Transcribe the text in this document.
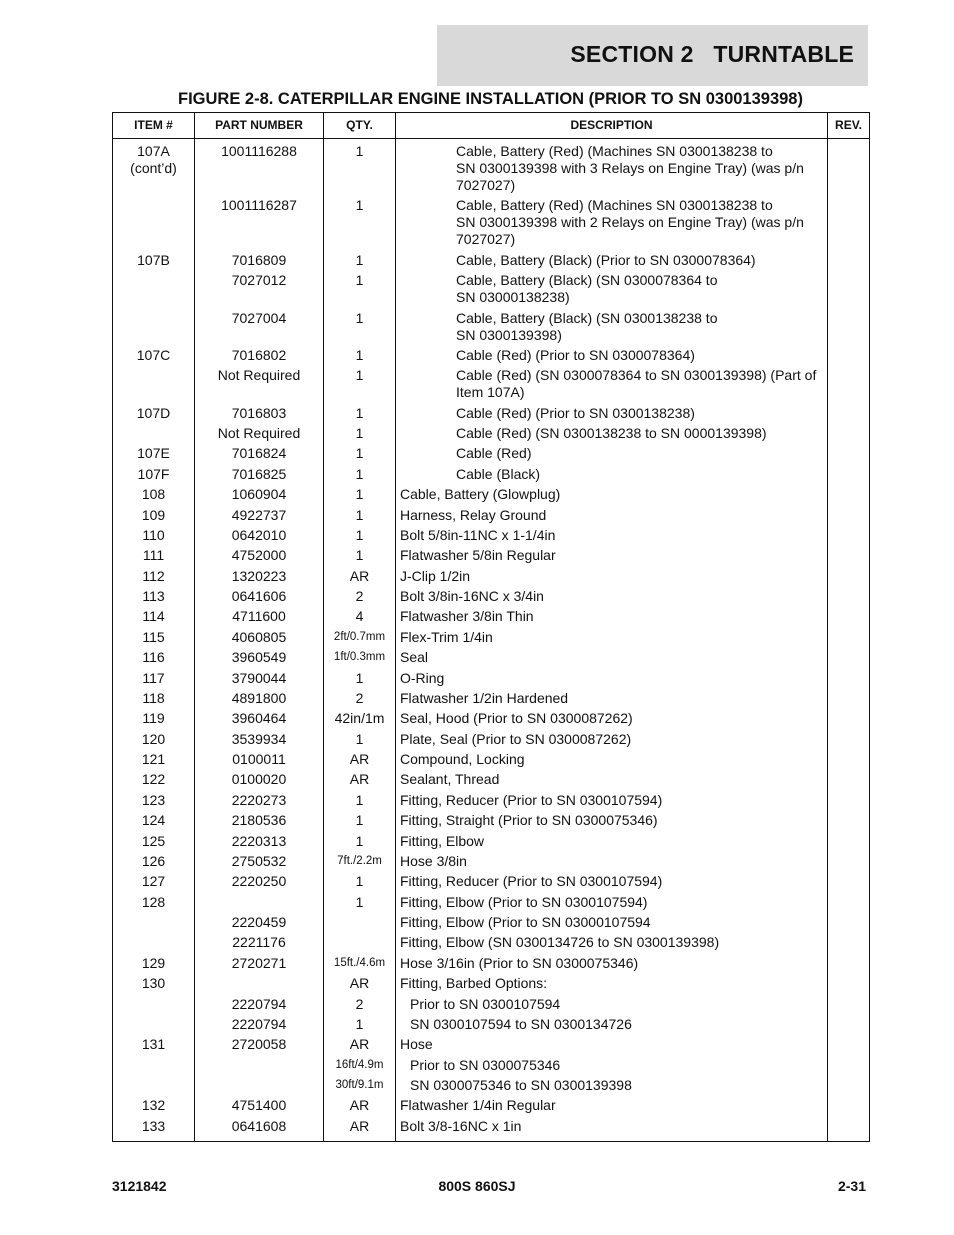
SECTION 2   TURNTABLE
FIGURE 2-8. CATERPILLAR ENGINE INSTALLATION (PRIOR TO SN 0300139398)
ITEM #	PART NUMBER	QTY.	DESCRIPTION	REV.
107A
(cont’d)	1001116288	1	Cable, Battery (Red) (Machines SN 0300138238 to
SN 0300139398 with 3 Relays on Engine Tray) (was p/n
7027027)	
	1001116287	1	Cable, Battery (Red) (Machines SN 0300138238 to
SN 0300139398 with 2 Relays on Engine Tray) (was p/n
7027027)	
107B	7016809	1	Cable, Battery (Black) (Prior to SN 0300078364)	
	7027012	1	Cable, Battery (Black) (SN 0300078364 to
SN 03000138238)	
	7027004	1	Cable, Battery (Black) (SN 0300138238 to
SN 0300139398)	
107C	7016802	1	Cable (Red) (Prior to SN 0300078364)	
	Not Required	1	Cable (Red) (SN 0300078364 to SN 0300139398) (Part of
Item 107A)	
107D	7016803	1	Cable (Red) (Prior to SN 0300138238)	
	Not Required	1	Cable (Red) (SN 0300138238 to SN 0000139398)	
107E	7016824	1	Cable (Red)	
107F	7016825	1	Cable (Black)	
108	1060904	1	Cable, Battery (Glowplug)	
109	4922737	1	Harness, Relay Ground	
110	0642010	1	Bolt 5/8in-11NC x 1-1/4in	
111	4752000	1	Flatwasher 5/8in Regular	
112	1320223	AR	J-Clip 1/2in	
113	0641606	2	Bolt 3/8in-16NC x 3/4in	
114	4711600	4	Flatwasher 3/8in Thin	
115	4060805	2ft/0.7mm	Flex-Trim 1/4in	
116	3960549	1ft/0.3mm	Seal	
117	3790044	1	O-Ring	
118	4891800	2	Flatwasher 1/2in Hardened	
119	3960464	42in/1m	Seal, Hood (Prior to SN 0300087262)	
120	3539934	1	Plate, Seal (Prior to SN 0300087262)	
121	0100011	AR	Compound, Locking	
122	0100020	AR	Sealant, Thread	
123	2220273	1	Fitting, Reducer (Prior to SN 0300107594)	
124	2180536	1	Fitting, Straight (Prior to SN 0300075346)	
125	2220313	1	Fitting, Elbow	
126	2750532	7ft./2.2m	Hose 3/8in	
127	2220250	1	Fitting, Reducer (Prior to SN 0300107594)	
128		1	Fitting, Elbow (Prior to SN 0300107594)	
	2220459		Fitting, Elbow (Prior to SN 03000107594	
	2221176		Fitting, Elbow (SN 0300134726 to SN 0300139398)	
129	2720271	15ft./4.6m	Hose 3/16in (Prior to SN 0300075346)	
130		AR	Fitting, Barbed Options:	
	2220794	2	Prior to SN 0300107594	
	2220794	1	SN 0300107594 to SN 0300134726	
131	2720058	AR	Hose	
		16ft/4.9m	Prior to SN 0300075346	
		30ft/9.1m	SN 0300075346 to SN 0300139398	
132	4751400	AR	Flatwasher 1/4in Regular	
133	0641608	AR	Bolt 3/8-16NC x 1in	
3121842	800S 860SJ	2-31
